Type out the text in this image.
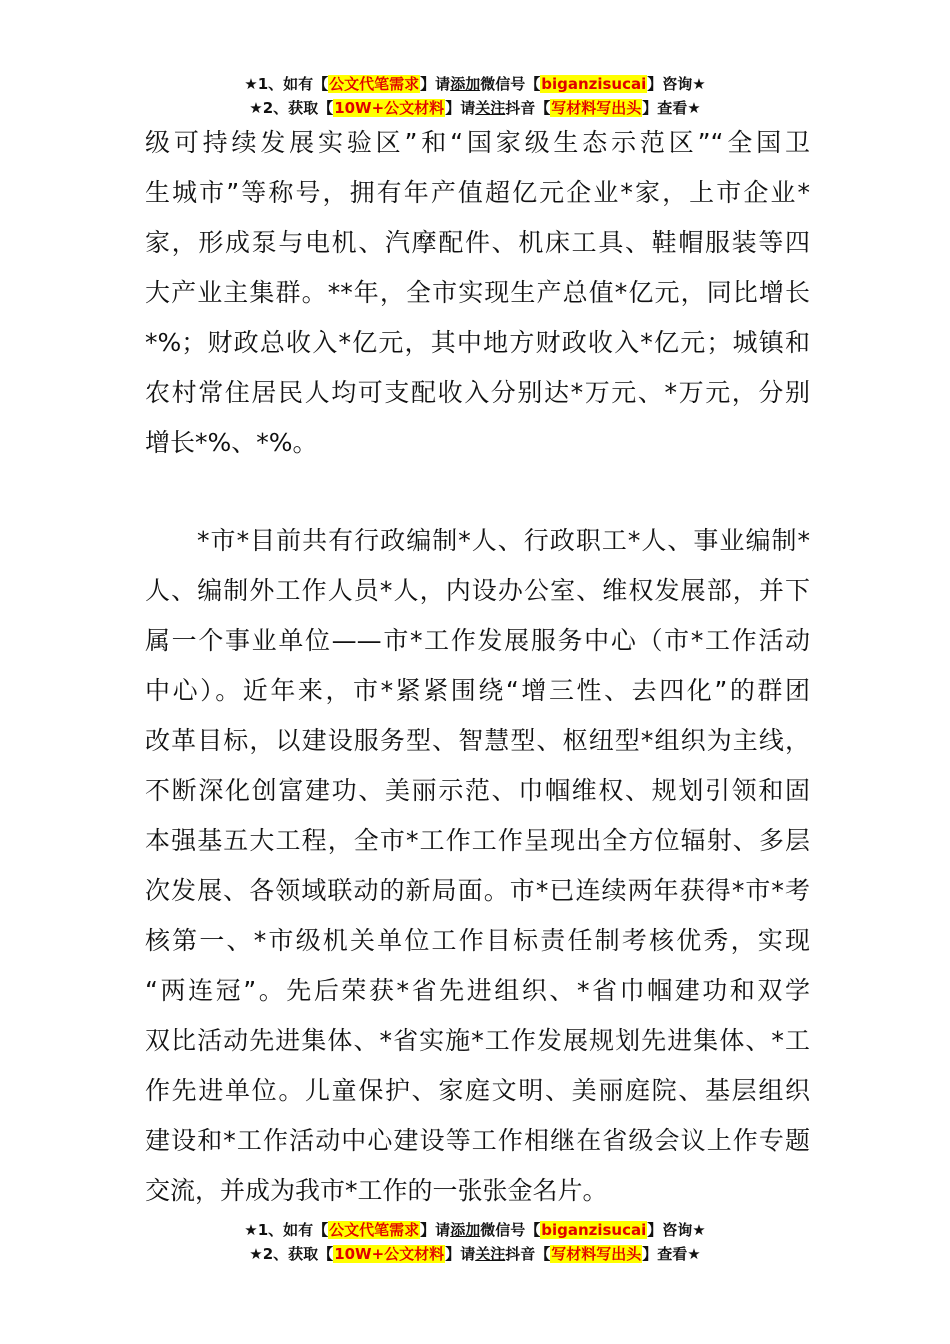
★1、如有【公文代笔需求】请添加微信号【biganzisucai】咨询★
★2、获取【10W+公文材料】请关注抖音【写材料写出头】查看★
级可持续发展实验区”和“国家级生态示范区”“全国卫
生城市”等称号，拥有年产值超亿元企业*家，上市企业*
家，形成泵与电机、汽摩配件、机床工具、鞋帽服装等四
大产业主集群。**年，全市实现生产总值*亿元，同比增长
*%；财政总收入*亿元，其中地方财政收入*亿元；城镇和
农村常住居民人均可支配收入分别达*万元、*万元，分别
增长*%、*%。
　　*市*目前共有行政编制*人、行政职工*人、事业编制*
人、编制外工作人员*人，内设办公室、维权发展部，并下
属一个事业单位——市*工作发展服务中心（市*工作活动
中心）。近年来，市*紧紧围绕“增三性、去四化”的群团
改革目标，以建设服务型、智慧型、枢纽型*组织为主线，
不断深化创富建功、美丽示范、巾帼维权、规划引领和固
本强基五大工程，全市*工作工作呈现出全方位辐射、多层
次发展、各领域联动的新局面。市*已连续两年获得*市*考
核第一、*市级机关单位工作目标责任制考核优秀，实现
“两连冠”。先后荣获*省先进组织、*省巾帼建功和双学
双比活动先进集体、*省实施*工作发展规划先进集体、*工
作先进单位。儿童保护、家庭文明、美丽庭院、基层组织
建设和*工作活动中心建设等工作相继在省级会议上作专题
交流，并成为我市*工作的一张张金名片。
★1、如有【公文代笔需求】请添加微信号【biganzisucai】咨询★
★2、获取【10W+公文材料】请关注抖音【写材料写出头】查看★
